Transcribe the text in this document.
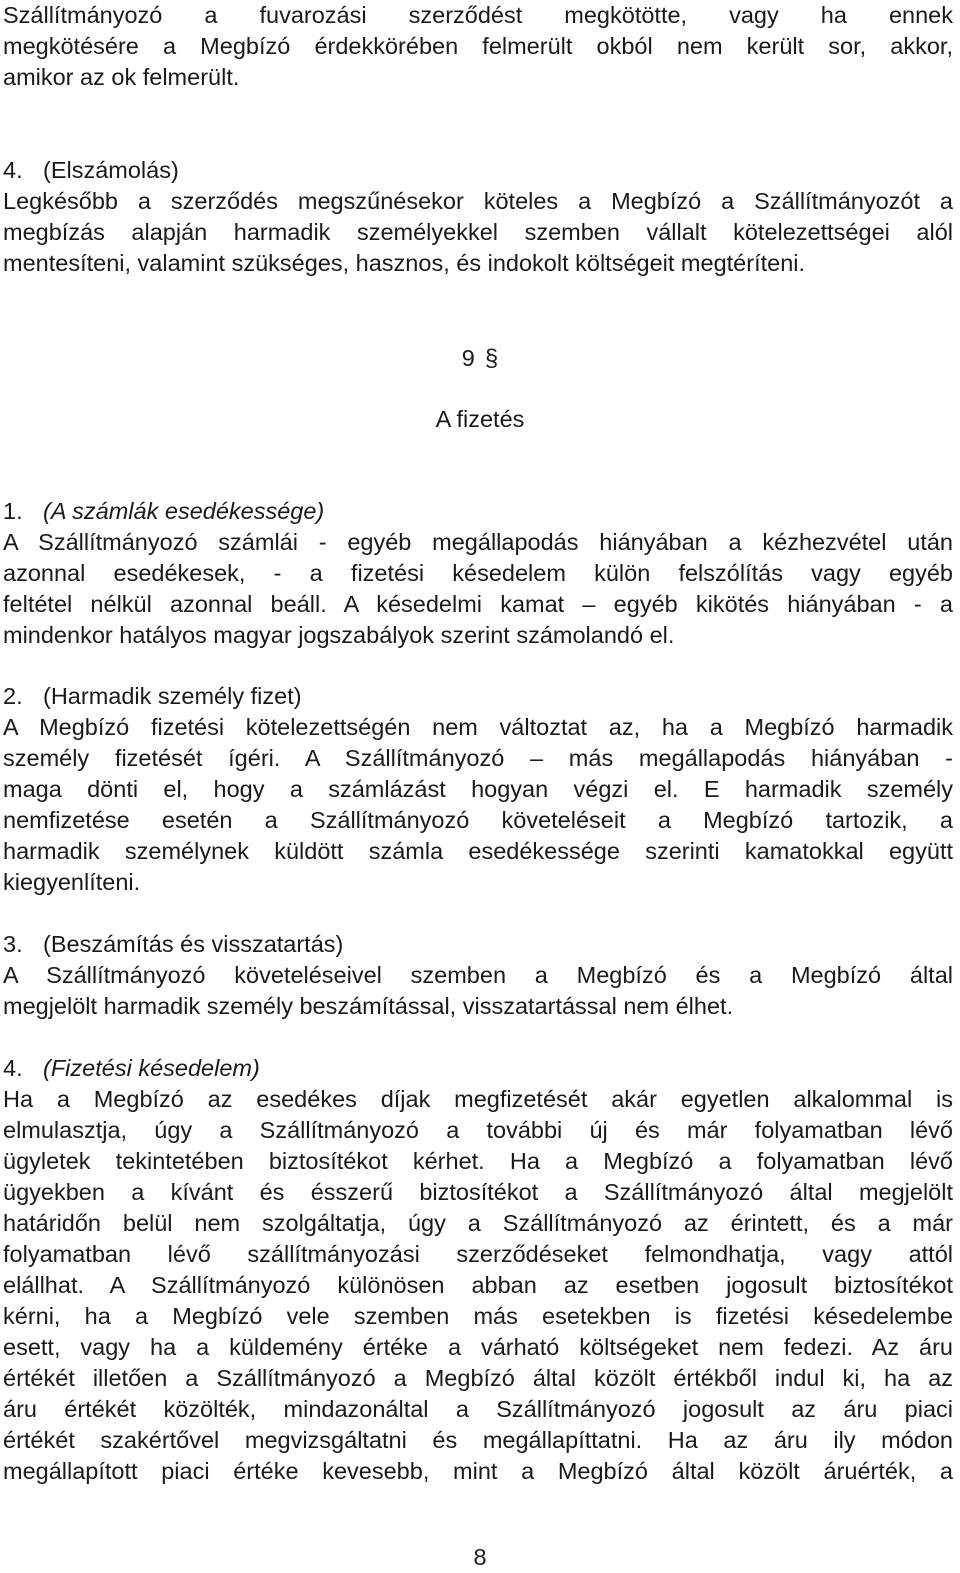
Szállítmányozó a fuvarozási szerződést megkötötte, vagy ha ennek
megkötésére a Megbízó érdekkörében felmerült okból nem került sor, akkor,
amikor az ok felmerült.

4. (Elszámolás)

Legkésőbb a szerződés megszűnésekor köteles a Megbízó a Szállítmányozót a
megbízás alapján harmadik személyekkel szemben vállalt kötelezettségei alól
mentesíteni, valamint szükséges, hasznos, és indokolt költségeit megtéríteni.

9 §
A fizetés
1. (A számlák esedékessége)

A Szállítmányozó számlái - egyéb megállapodás hiányában a kézhezvétel után
azonnal esedékesek, - a fizetési késedelem külön felszólítás vagy egyéb
feltétel nélkül azonnal beáll. A késedelmi kamat – egyéb kikötés hiányában - a
mindenkor hatályos magyar jogszabályok szerint számolandó el.

2. (Harmadik személy fizet)

A Megbízó fizetési kötelezettségén nem változtat az, ha a Megbízó harmadik
személy fizetését ígéri. A Szállítmányozó – más megállapodás hiányában -
maga dönti el, hogy a számlázást hogyan végzi el. E harmadik személy
nemfizetése esetén a Szállítmányozó követeléseit a Megbízó tartozik, a
harmadik személynek küldött számla esedékessége szerinti kamatokkal együtt
kiegyenlíteni.

3. (Beszámítás és visszatartás)

A Szállítmányozó követeléseivel szemben a Megbízó és a Megbízó által
megjelölt harmadik személy beszámítással, visszatartással nem élhet.

4. (Fizetési késedelem)

Ha a Megbízó az esedékes díjak megfizetését akár egyetlen alkalommal is
elmulasztja, úgy a Szállítmányozó a további új és már folyamatban lévő
ügyletek tekintetében biztosítékot kérhet. Ha a Megbízó a folyamatban lévő
ügyekben a kívánt és ésszerű biztosítékot a Szállítmányozó által megjelölt
határidőn belül nem szolgáltatja, úgy a Szállítmányozó az érintett, és a már
folyamatban lévő szállítmányozási szerződéseket felmondhatja, vagy attól
elállhat. A Szállítmányozó különösen abban az esetben jogosult biztosítékot
kérni, ha a Megbízó vele szemben más esetekben is fizetési késedelembe
esett, vagy ha a küldemény értéke a várható költségeket nem fedezi. Az áru
értékét illetően a Szállítmányozó a Megbízó által közölt értékből indul ki, ha az
áru értékét közölték, mindazonáltal a Szállítmányozó jogosult az áru piaci
értékét szakértővel megvizsgáltatni és megállapíttatni. Ha az áru ily módon
megállapított piaci értéke kevesebb, mint a Megbízó által közölt áruérték, a

8
